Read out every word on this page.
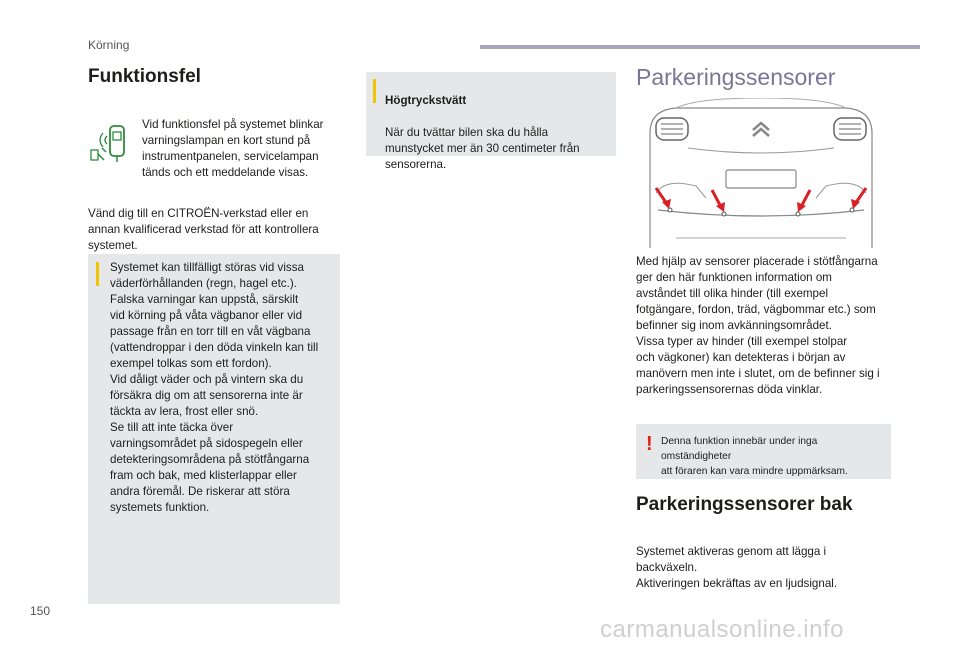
Körning
Funktionsfel
Vid funktionsfel på systemet blinkar
varningslampan en kort stund på
instrumentpanelen, servicelampan
tänds och ett meddelande visas.
Vänd dig till en CITROËN-verkstad eller en
annan kvalificerad verkstad för att kontrollera
systemet.
Systemet kan tillfälligt störas vid vissa
väderförhållanden (regn, hagel etc.).
Falska varningar kan uppstå, särskilt
vid körning på våta vägbanor eller vid
passage från en torr till en våt vägbana
(vattendroppar i den döda vinkeln kan till
exempel tolkas som ett fordon).
Vid dåligt väder och på vintern ska du
försäkra dig om att sensorerna inte är
täckta av lera, frost eller snö.
Se till att inte täcka över
varningsområdet på sidospegeln eller
detekteringsområdena på stötfångarna
fram och bak, med klisterlappar eller
andra föremål. De riskerar att störa
systemets funktion.

Högtryckstvätt

När du tvättar bilen ska du hålla
munstycket mer än 30 centimeter från
sensorerna.

Parkeringssensorer
Med hjälp av sensorer placerade i stötfångarna
ger den här funktionen information om
avståndet till olika hinder (till exempel
fotgängare, fordon, träd, vägbommar etc.) som
befinner sig inom avkänningsområdet.
Vissa typer av hinder (till exempel stolpar
och vägkoner) kan detekteras i början av
manövern men inte i slutet, om de befinner sig i
parkeringssensorernas döda vinklar.
! Denna funktion innebär under inga omständigheter
att föraren kan vara mindre uppmärksam.
Parkeringssensorer bak
Systemet aktiveras genom att lägga i
backväxeln.
Aktiveringen bekräftas av en ljudsignal.
150
carmanualsonline.info
